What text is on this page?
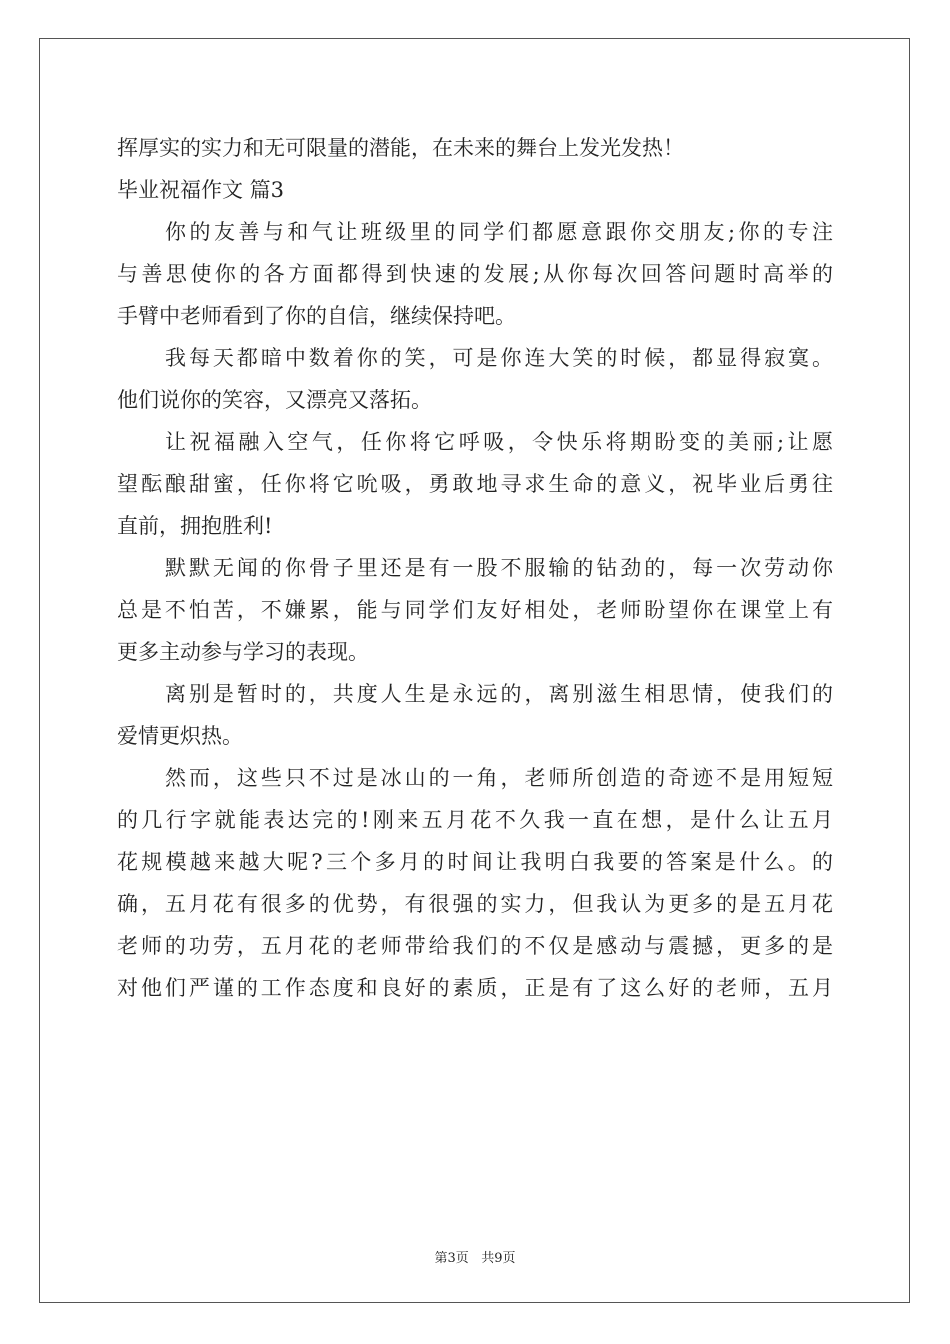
挥厚实的实力和无可限量的潜能，在未来的舞台上发光发热！
毕业祝福作文 篇3
你的友善与和气让班级里的同学们都愿意跟你交朋友;你的专注
与善思使你的各方面都得到快速的发展;从你每次回答问题时高举的
手臂中老师看到了你的自信，继续保持吧。
我每天都暗中数着你的笑，可是你连大笑的时候，都显得寂寞。
他们说你的笑容，又漂亮又落拓。
让祝福融入空气，任你将它呼吸，令快乐将期盼变的美丽;让愿
望酝酿甜蜜，任你将它吮吸，勇敢地寻求生命的意义，祝毕业后勇往
直前，拥抱胜利!
默默无闻的你骨子里还是有一股不服输的钻劲的，每一次劳动你
总是不怕苦，不嫌累，能与同学们友好相处，老师盼望你在课堂上有
更多主动参与学习的表现。
离别是暂时的，共度人生是永远的，离别滋生相思情，使我们的
爱情更炽热。
然而，这些只不过是冰山的一角，老师所创造的奇迹不是用短短
的几行字就能表达完的!刚来五月花不久我一直在想，是什么让五月
花规模越来越大呢?三个多月的时间让我明白我要的答案是什么。的
确，五月花有很多的优势，有很强的实力，但我认为更多的是五月花
老师的功劳，五月花的老师带给我们的不仅是感动与震撼，更多的是
对他们严谨的工作态度和良好的素质，正是有了这么好的老师，五月
第3页 共9页
